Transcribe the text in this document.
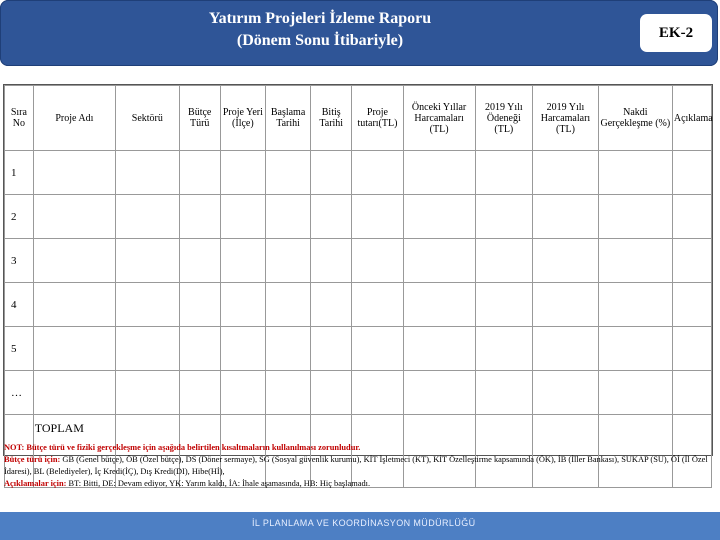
Yatırım Projeleri İzleme Raporu
(Dönem Sonu İtibariyle)	EK-2
Sıra No	Proje Adı	Sektörü	Bütçe Türü	Proje Yeri (İlçe)	Başlama Tarihi	Bitiş Tarihi	Proje tutarı(TL)	Önceki Yıllar Harcamaları (TL)	2019 Yılı Ödeneği (TL)	2019 Yılı Harcamaları (TL)	Nakdi Gerçekleşme (%)	Açıklama
1												
2												
3												
4												
5												
…												
	TOPLAM											
NOT: Bütçe türü ve fiziki gerçekleşme için aşağıda belirtilen kısaltmaların kullanılması zorunludur.
Bütçe türü için: GB (Genel bütçe), ÖB (Özel bütçe), DS (Döner sermaye), SG (Sosyal güvenlik kurumu), KİT İşletmeci (KT), KİT Özelleştirme kapsamında (ÖK), İB (İller Bankası), SUKAP (SU), Öİ (İl Özel İdaresi), BL (Belediyeler), İç Kredi(İÇ), Dış Kredi(DI), Hibe(Hİ),
Açıklamalar için: BT: Bitti, DE: Devam ediyor, YK: Yarım kaldı, İA: İhale aşamasında, HB: Hiç başlamadı.
İL PLANLAMA VE KOORDİNASYON MÜDÜRLÜĞÜ
